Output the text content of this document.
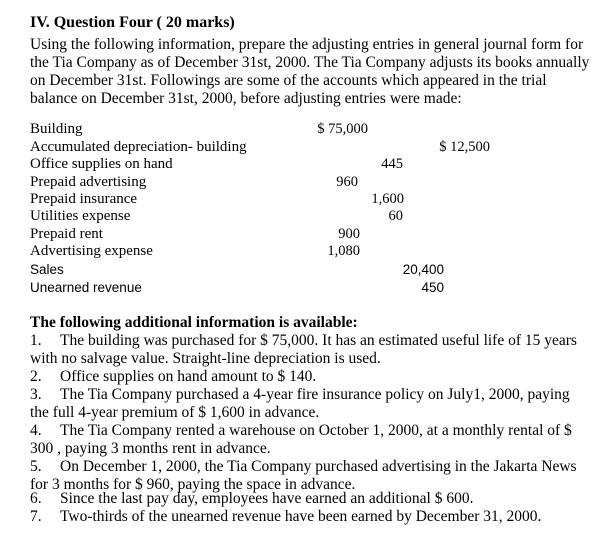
IV. Question Four ( 20 marks)
Using the following information, prepare the adjusting entries in general journal form for the Tia Company as of December 31st, 2000. The Tia Company adjusts its books annually on December 31st. Followings are some of the accounts which appeared in the trial balance on December 31st, 2000, before adjusting entries were made:
Building	$ 75,000
Accumulated depreciation- building	$ 12,500
Office supplies on hand	445
Prepaid advertising	960
Prepaid insurance	1,600
Utilities expense	60
Prepaid rent	900
Advertising expense	1,080
Sales	20,400
Unearned revenue	450
The following additional information is available:
1. The building was purchased for $ 75,000. It has an estimated useful life of 15 years with no salvage value. Straight-line depreciation is used.
2. Office supplies on hand amount to $ 140.
3. The Tia Company purchased a 4-year fire insurance policy on July1, 2000, paying the full 4-year premium of $ 1,600 in advance.
4. The Tia Company rented a warehouse on October 1, 2000, at a monthly rental of $ 300 , paying 3 months rent in advance.
5. On December 1, 2000, the Tia Company purchased advertising in the Jakarta News for 3 months for $ 960, paying the space in advance.
6. Since the last pay day, employees have earned an additional $ 600.
7. Two-thirds of the unearned revenue have been earned by December 31, 2000.
